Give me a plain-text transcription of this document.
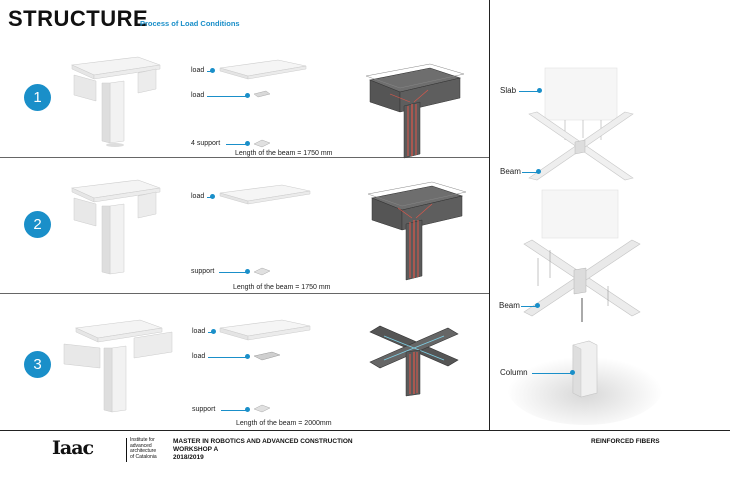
STRUCTURE
Process of Load Conditions
1
load
load
4 support
Length of the beam = 1750 mm
2
load
support
Length of the beam = 1750 mm
3
load
load
support
Length of the beam = 2000mm
Slab
Beam
Beam
Column
Iaac	Institute for
advanced
architecture
of Catalonia
MASTER IN ROBOTICS AND ADVANCED CONSTRUCTION
WORKSHOP A
2018/2019
REINFORCED FIBERS
